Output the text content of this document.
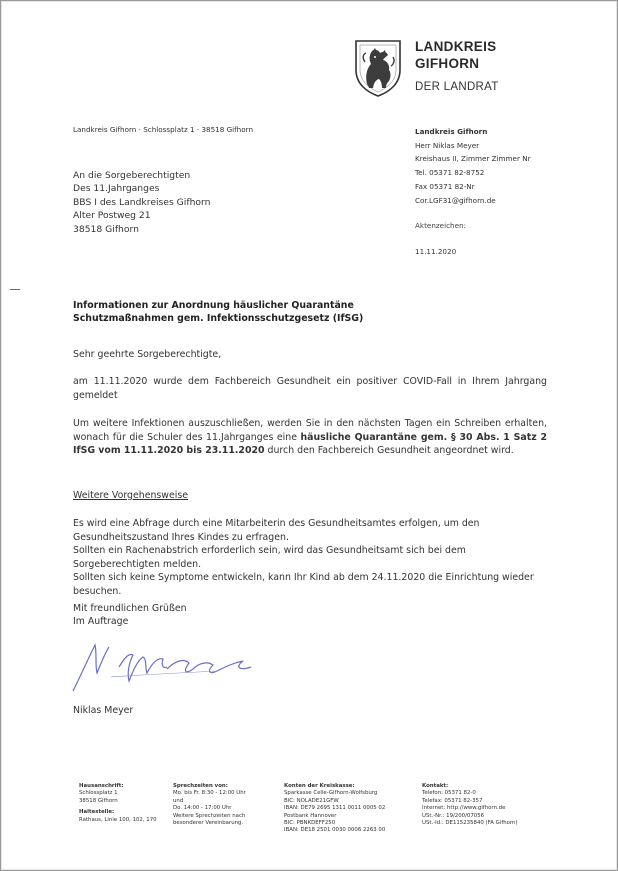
LANDKREIS
GIFHORN
DER LANDRAT
Landkreis Gifhorn · Schlossplatz 1 · 38518 Gifhorn
An die Sorgeberechtigten
Des 11.Jahrganges
BBS I des Landkreises Gifhorn
Alter Postweg 21
38518 Gifhorn
Landkreis Gifhorn
Herr Niklas Meyer
Kreishaus II, Zimmer Zimmer Nr
Tel. 05371 82-8752
Fax 05371 82-Nr
Cor.LGF31@gifhorn.de
Aktenzeichen:
11.11.2020
Informationen zur Anordnung häuslicher Quarantäne
Schutzmaßnahmen gem. Infektionsschutzgesetz (IfSG)
Sehr geehrte Sorgeberechtigte,
am 11.11.2020 wurde dem Fachbereich Gesundheit ein positiver COVID-Fall in Ihrem Jahrgang gemeldet
Um weitere Infektionen auszuschließen, werden Sie in den nächsten Tagen ein Schreiben erhalten, wonach für die Schuler des 11.Jahrganges eine häusliche Quarantäne gem. § 30 Abs. 1 Satz 2 IfSG vom 11.11.2020 bis 23.11.2020 durch den Fachbereich Gesundheit angeordnet wird.
Weitere Vorgehensweise
Es wird eine Abfrage durch eine Mitarbeiterin des Gesundheitsamtes erfolgen, um den Gesundheitszustand Ihres Kindes zu erfragen.
Sollten ein Rachenabstrich erforderlich sein, wird das Gesundheitsamt sich bei dem Sorgeberechtigten melden.
Sollten sich keine Symptome entwickeln, kann Ihr Kind ab dem 24.11.2020 die Einrichtung wieder besuchen.
Mit freundlichen Grüßen
Im Auftrage
Niklas Meyer
Hausanschrift:
Schlossplatz 1
38518 Gifhorn
Haltestelle:
Rathaus, Linie 100, 102, 170
Sprechzeiten von:
Mo. bis Fr. 8:30 - 12:00 Uhr
und
Do. 14:00 - 17:00 Uhr
Weitere Sprechzeiten nach besonderer Vereinbarung.
Konten der Kreiskasse:
Sparkasse Celle-Gifhorn-Wolfsburg
BIC: NOLADE21GFW
IBAN: DE79 2695 1311 0011 0005 02
Postbank Hannover
BIC: PBNKDEFF250
IBAN: DE18 2501 0030 0006 2263 00
Kontakt:
Telefon: 05371 82-0
Telefax: 05371 82-357
Internet: http://www.gifhorn.de
USt.-Nr.: 19/200/07056
USt.-Id.: DE115235840 (FA Gifhorn)
